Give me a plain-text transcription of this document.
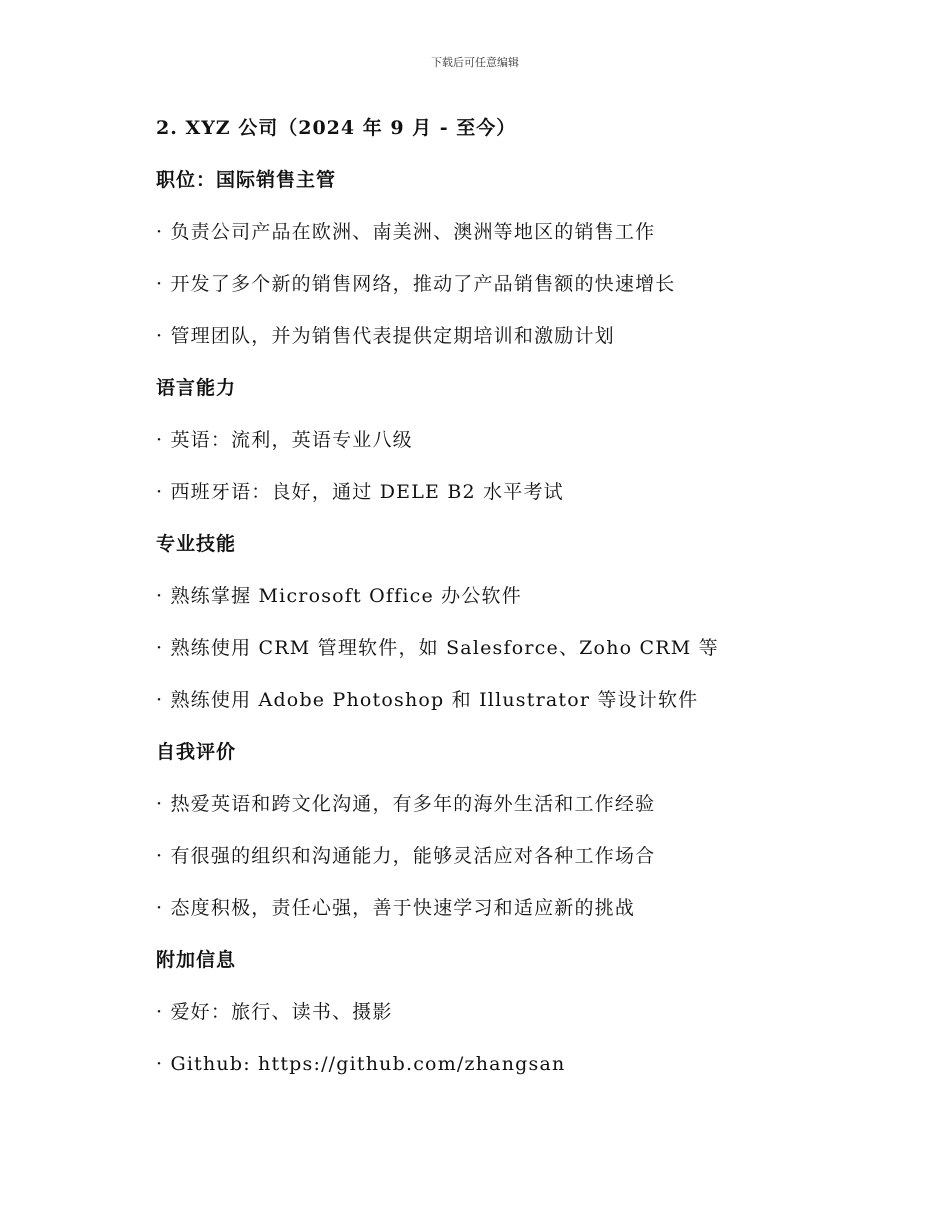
下载后可任意编辑
2. XYZ 公司（2024 年 9 月 - 至今）
职位：国际销售主管
· 负责公司产品在欧洲、南美洲、澳洲等地区的销售工作
· 开发了多个新的销售网络，推动了产品销售额的快速增长
· 管理团队，并为销售代表提供定期培训和激励计划
语言能力
· 英语：流利，英语专业八级
· 西班牙语：良好，通过 DELE B2 水平考试
专业技能
· 熟练掌握 Microsoft Office 办公软件
· 熟练使用 CRM 管理软件，如 Salesforce、Zoho CRM 等
· 熟练使用 Adobe Photoshop 和 Illustrator 等设计软件
自我评价
· 热爱英语和跨文化沟通，有多年的海外生活和工作经验
· 有很强的组织和沟通能力，能够灵活应对各种工作场合
· 态度积极，责任心强，善于快速学习和适应新的挑战
附加信息
· 爱好：旅行、读书、摄影
· Github: https://github.com/zhangsan
